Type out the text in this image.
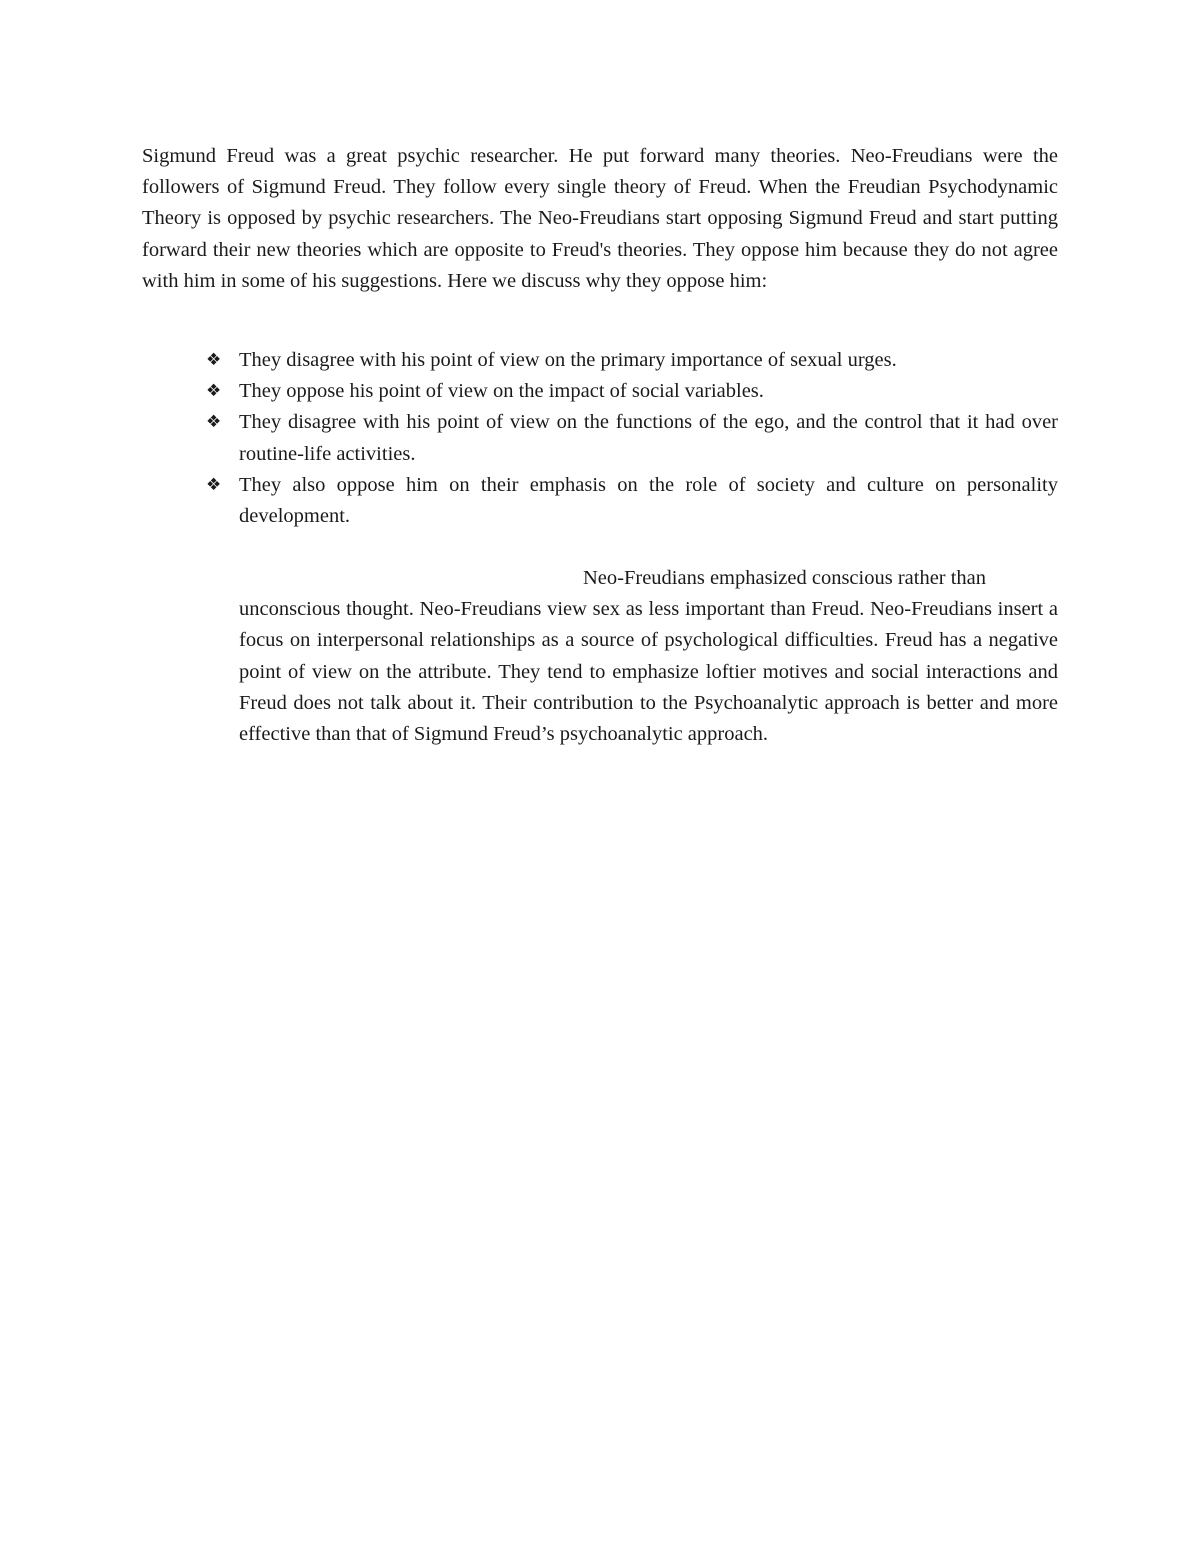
Sigmund Freud was a great psychic researcher. He put forward many theories. Neo-Freudians were the followers of Sigmund Freud. They follow every single theory of Freud. When the Freudian Psychodynamic Theory is opposed by psychic researchers. The Neo-Freudians start opposing Sigmund Freud and start putting forward their new theories which are opposite to Freud's theories. They oppose him because they do not agree with him in some of his suggestions. Here we discuss why they oppose him:

❖ They disagree with his point of view on the primary importance of sexual urges.
❖ They oppose his point of view on the impact of social variables.
❖ They disagree with his point of view on the functions of the ego, and the control that it had over routine-life activities.
❖ They also oppose him on their emphasis on the role of society and culture on personality development.

Neo-Freudians emphasized conscious rather than
unconscious thought. Neo-Freudians view sex as less important than Freud. Neo-Freudians insert a focus on interpersonal relationships as a source of psychological difficulties. Freud has a negative point of view on the attribute. They tend to emphasize loftier motives and social interactions and Freud does not talk about it. Their contribution to the Psychoanalytic approach is better and more effective than that of Sigmund Freud’s psychoanalytic approach.
